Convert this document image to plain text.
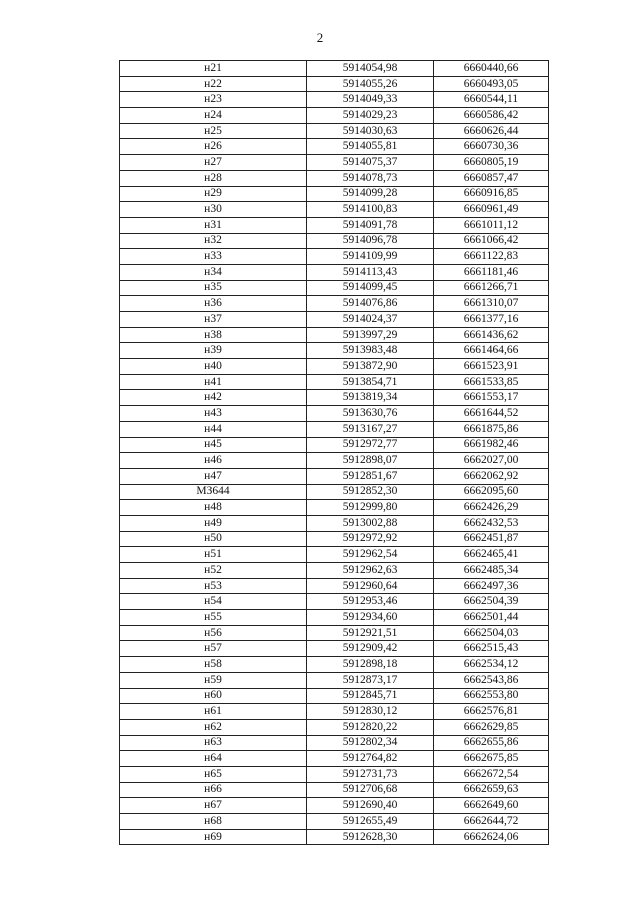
2
н21	5914054,98	6660440,66
н22	5914055,26	6660493,05
н23	5914049,33	6660544,11
н24	5914029,23	6660586,42
н25	5914030,63	6660626,44
н26	5914055,81	6660730,36
н27	5914075,37	6660805,19
н28	5914078,73	6660857,47
н29	5914099,28	6660916,85
н30	5914100,83	6660961,49
н31	5914091,78	6661011,12
н32	5914096,78	6661066,42
н33	5914109,99	6661122,83
н34	5914113,43	6661181,46
н35	5914099,45	6661266,71
н36	5914076,86	6661310,07
н37	5914024,37	6661377,16
н38	5913997,29	6661436,62
н39	5913983,48	6661464,66
н40	5913872,90	6661523,91
н41	5913854,71	6661533,85
н42	5913819,34	6661553,17
н43	5913630,76	6661644,52
н44	5913167,27	6661875,86
н45	5912972,77	6661982,46
н46	5912898,07	6662027,00
н47	5912851,67	6662062,92
МЗ644	5912852,30	6662095,60
н48	5912999,80	6662426,29
н49	5913002,88	6662432,53
н50	5912972,92	6662451,87
н51	5912962,54	6662465,41
н52	5912962,63	6662485,34
н53	5912960,64	6662497,36
н54	5912953,46	6662504,39
н55	5912934,60	6662501,44
н56	5912921,51	6662504,03
н57	5912909,42	6662515,43
н58	5912898,18	6662534,12
н59	5912873,17	6662543,86
н60	5912845,71	6662553,80
н61	5912830,12	6662576,81
н62	5912820,22	6662629,85
н63	5912802,34	6662655,86
н64	5912764,82	6662675,85
н65	5912731,73	6662672,54
н66	5912706,68	6662659,63
н67	5912690,40	6662649,60
н68	5912655,49	6662644,72
н69	5912628,30	6662624,06
